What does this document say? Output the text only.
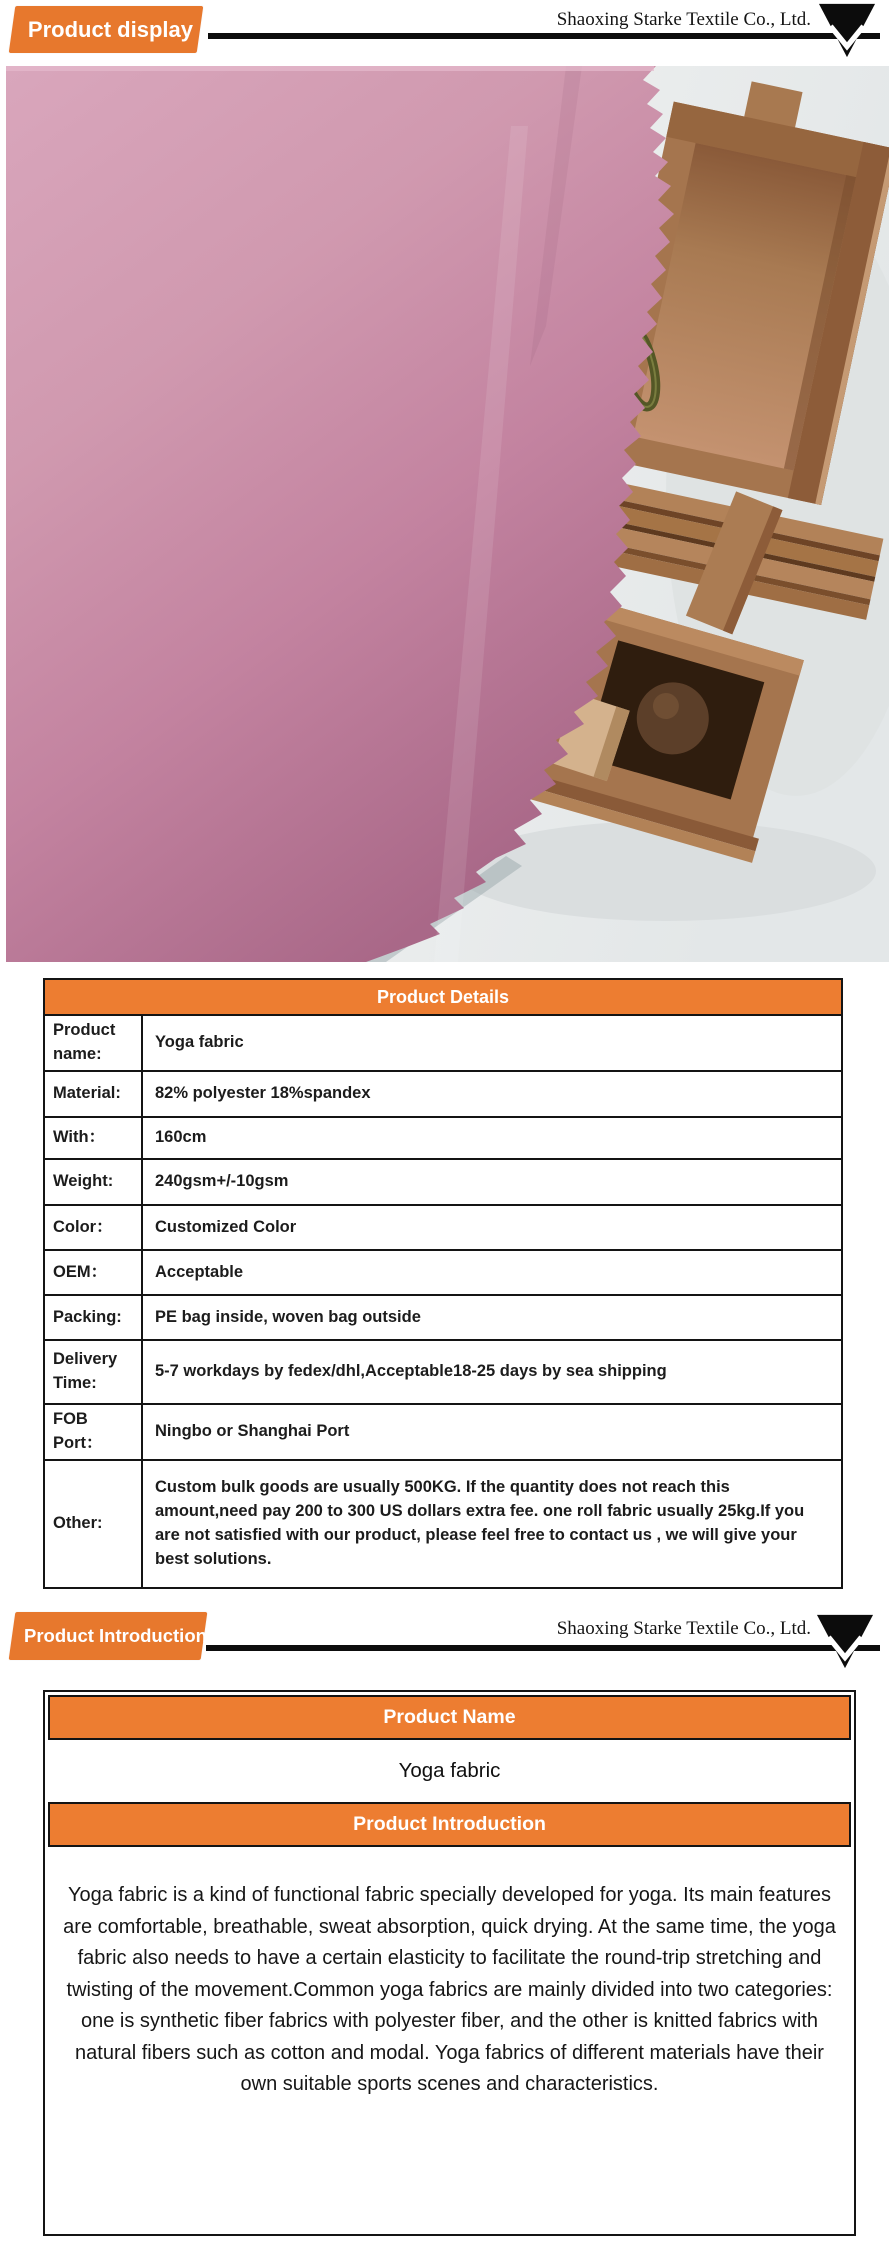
Product display	Shaoxing Starke Textile Co., Ltd.
Product Details	
Product name:	Yoga fabric
Material:	82% polyester 18%spandex
With：	160cm
Weight:	240gsm+/-10gsm
Color：	Customized Color
OEM：	Acceptable
Packing:	PE bag inside, woven bag outside
Delivery Time:	5-7 workdays by fedex/dhl,Acceptable18-25 days by sea shipping
FOB Port：	Ningbo or Shanghai Port
Other:	Custom bulk goods are usually 500KG. If the quantity does not reach this amount,need pay 200 to 300 US dollars extra fee. one roll fabric usually 25kg.If you are not satisfied with our product, please feel free to contact us , we will give your best solutions.
Product Introduction	Shaoxing Starke Textile Co., Ltd.
Product Name
Yoga fabric
Product Introduction
Yoga fabric is a kind of functional fabric specially developed for yoga. Its main features are comfortable, breathable, sweat absorption, quick drying. At the same time, the yoga fabric also needs to have a certain elasticity to facilitate the round-trip stretching and twisting of the movement.Common yoga fabrics are mainly divided into two categories: one is synthetic fiber fabrics with polyester fiber, and the other is knitted fabrics with natural fibers such as cotton and modal. Yoga fabrics of different materials have their own suitable sports scenes and characteristics.
